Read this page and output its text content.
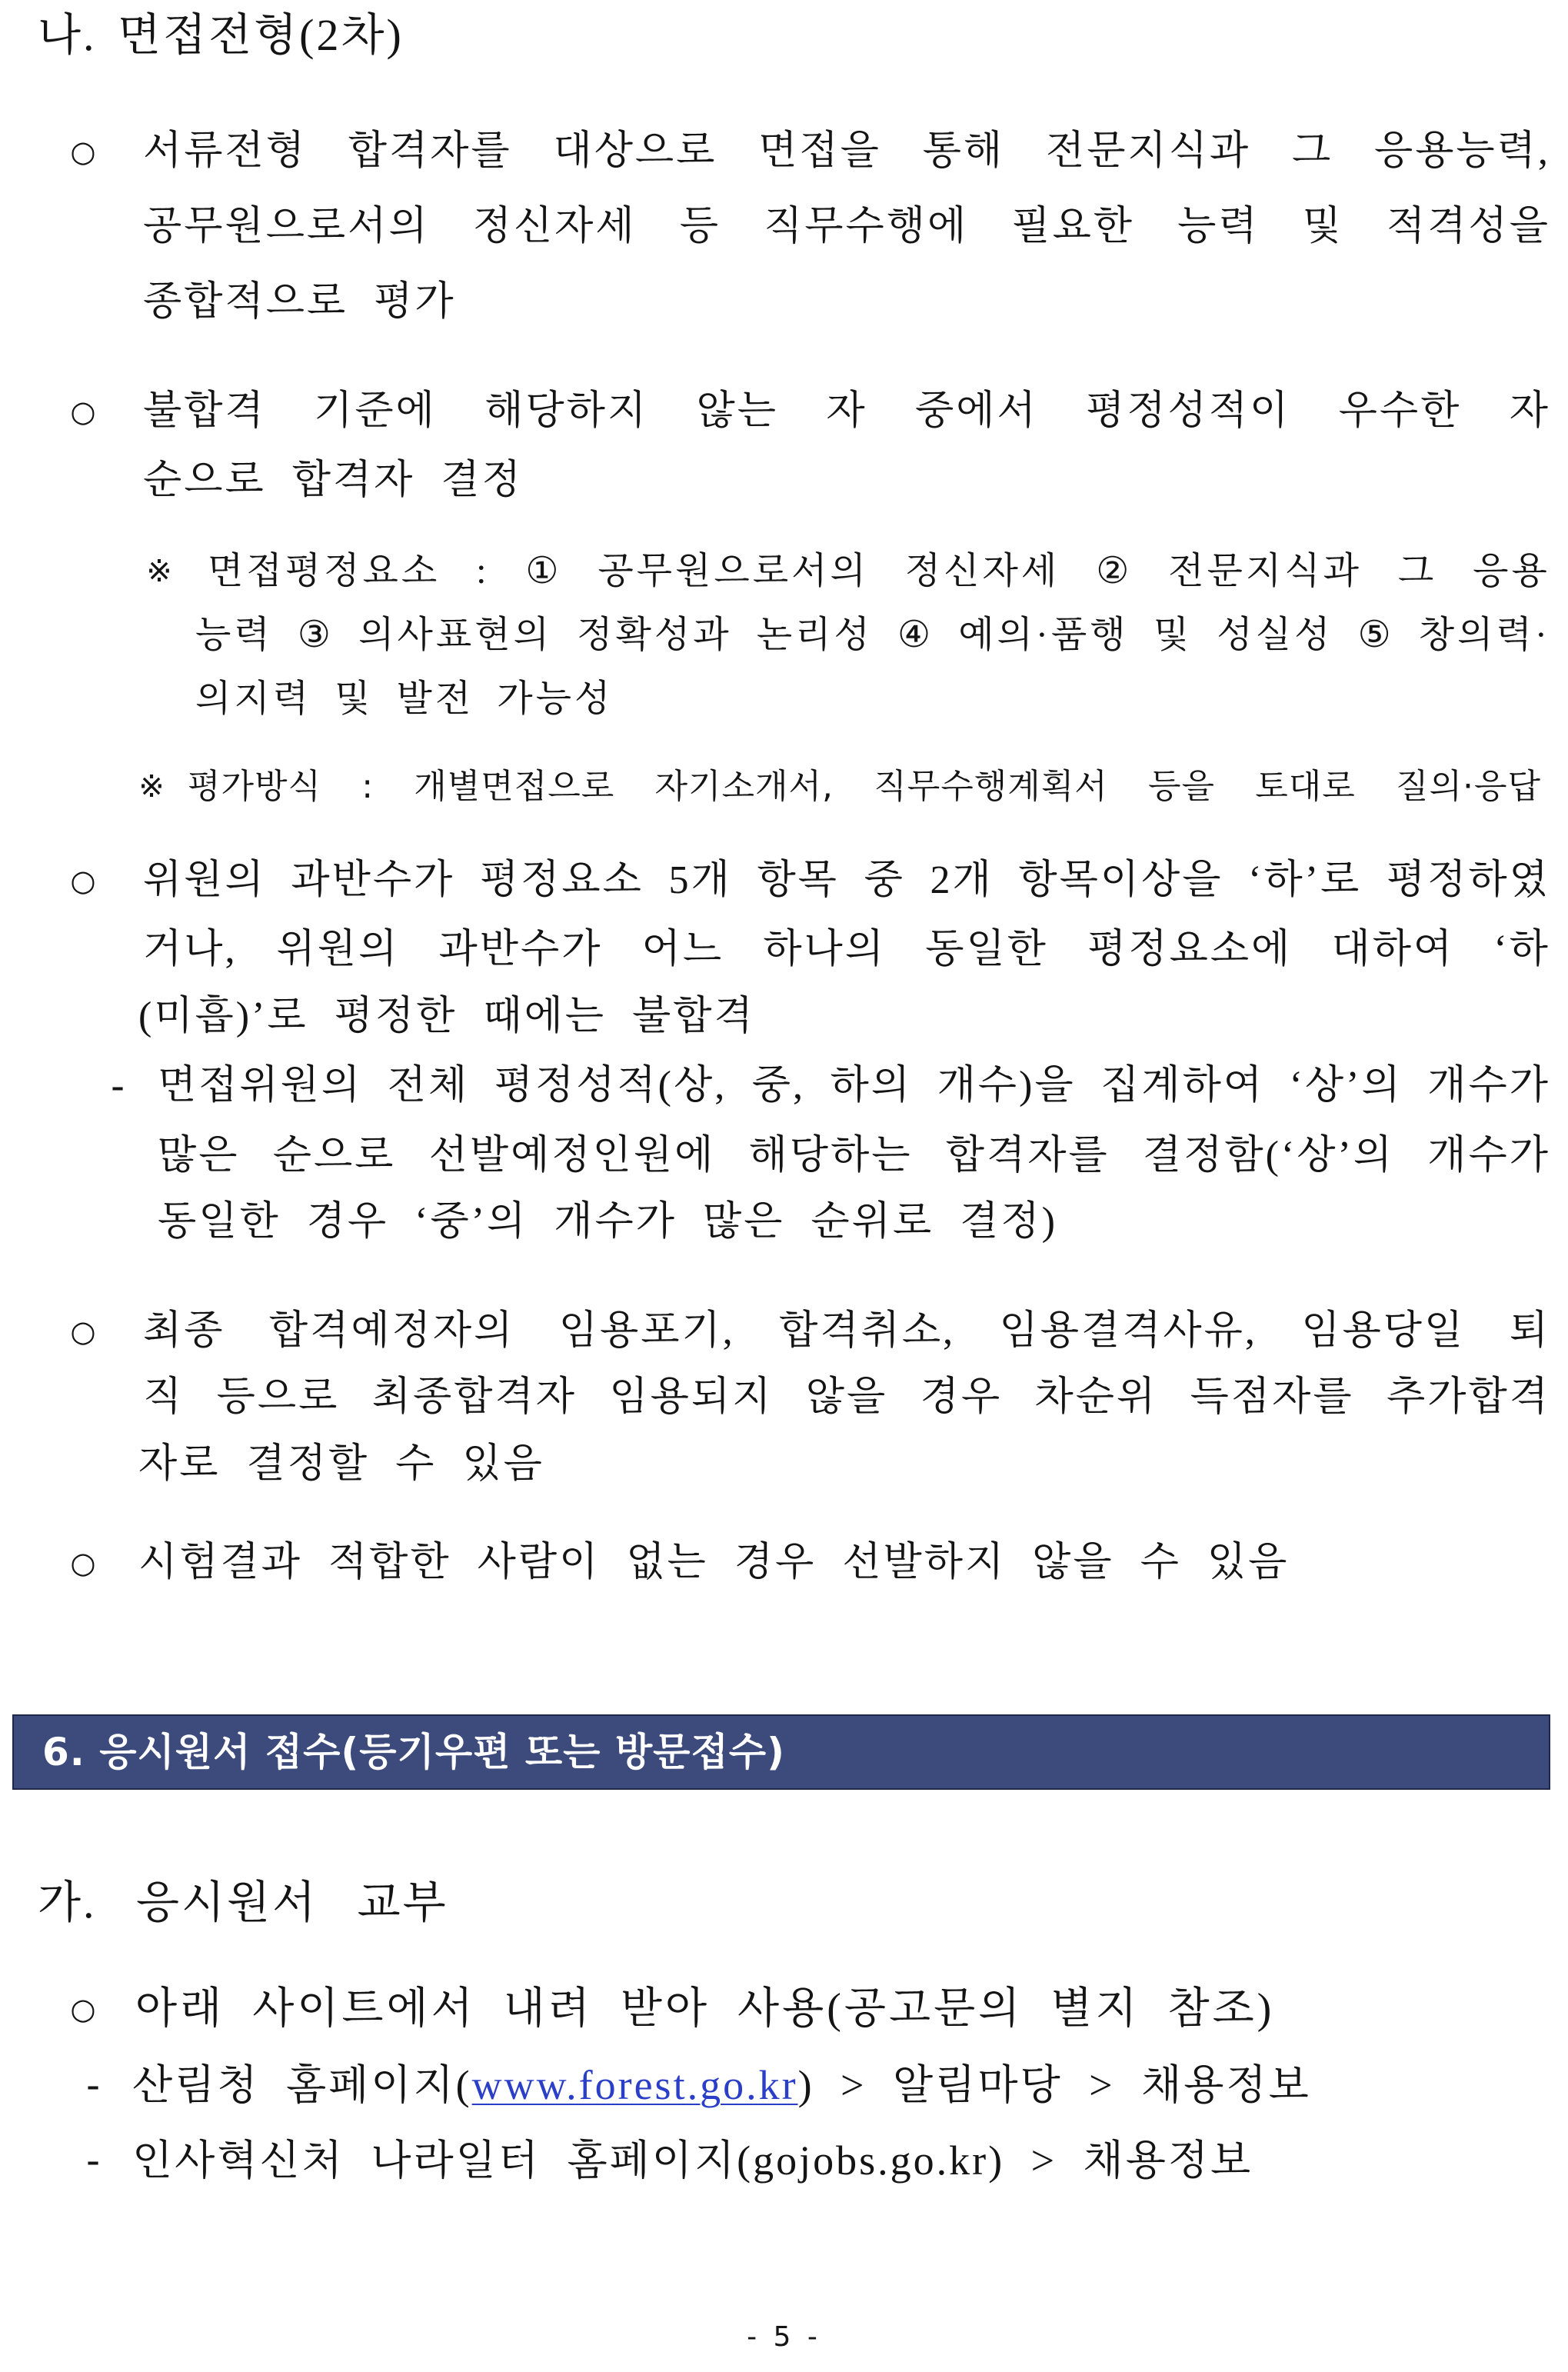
나. 면접전형(2차)
○ 서류전형 합격자를 대상으로 면접을 통해 전문지식과 그 응용능력,
공무원으로서의 정신자세 등 직무수행에 필요한 능력 및 적격성을
종합적으로 평가
○ 불합격 기준에 해당하지 않는 자 중에서 평정성적이 우수한 자
순으로 합격자 결정
※ 면접평정요소 : ① 공무원으로서의 정신자세 ② 전문지식과 그 응용
능력 ③ 의사표현의 정확성과 논리성 ④ 예의·품행 및 성실성 ⑤ 창의력·
의지력 및 발전 가능성
※ 평가방식 : 개별면접으로 자기소개서, 직무수행계획서 등을 토대로 질의·응답
○ 위원의 과반수가 평정요소 5개 항목 중 2개 항목이상을 ‘하’로 평정하였
거나, 위원의 과반수가 어느 하나의 동일한 평정요소에 대하여 ‘하
(미흡)’로 평정한 때에는 불합격
- 면접위원의 전체 평정성적(상, 중, 하의 개수)을 집계하여 ‘상’의 개수가
많은 순으로 선발예정인원에 해당하는 합격자를 결정함(‘상’의 개수가
동일한 경우 ‘중’의 개수가 많은 순위로 결정)
○ 최종 합격예정자의 임용포기, 합격취소, 임용결격사유, 임용당일 퇴
직 등으로 최종합격자 임용되지 않을 경우 차순위 득점자를 추가합격
자로 결정할 수 있음
○ 시험결과 적합한 사람이 없는 경우 선발하지 않을 수 있음
6. 응시원서 접수(등기우편 또는 방문접수)
가. 응시원서 교부
○ 아래 사이트에서 내려 받아 사용(공고문의 별지 참조)
- 산림청 홈페이지(www.forest.go.kr) > 알림마당 > 채용정보
- 인사혁신처 나라일터 홈페이지(gojobs.go.kr) > 채용정보
- 5 -
